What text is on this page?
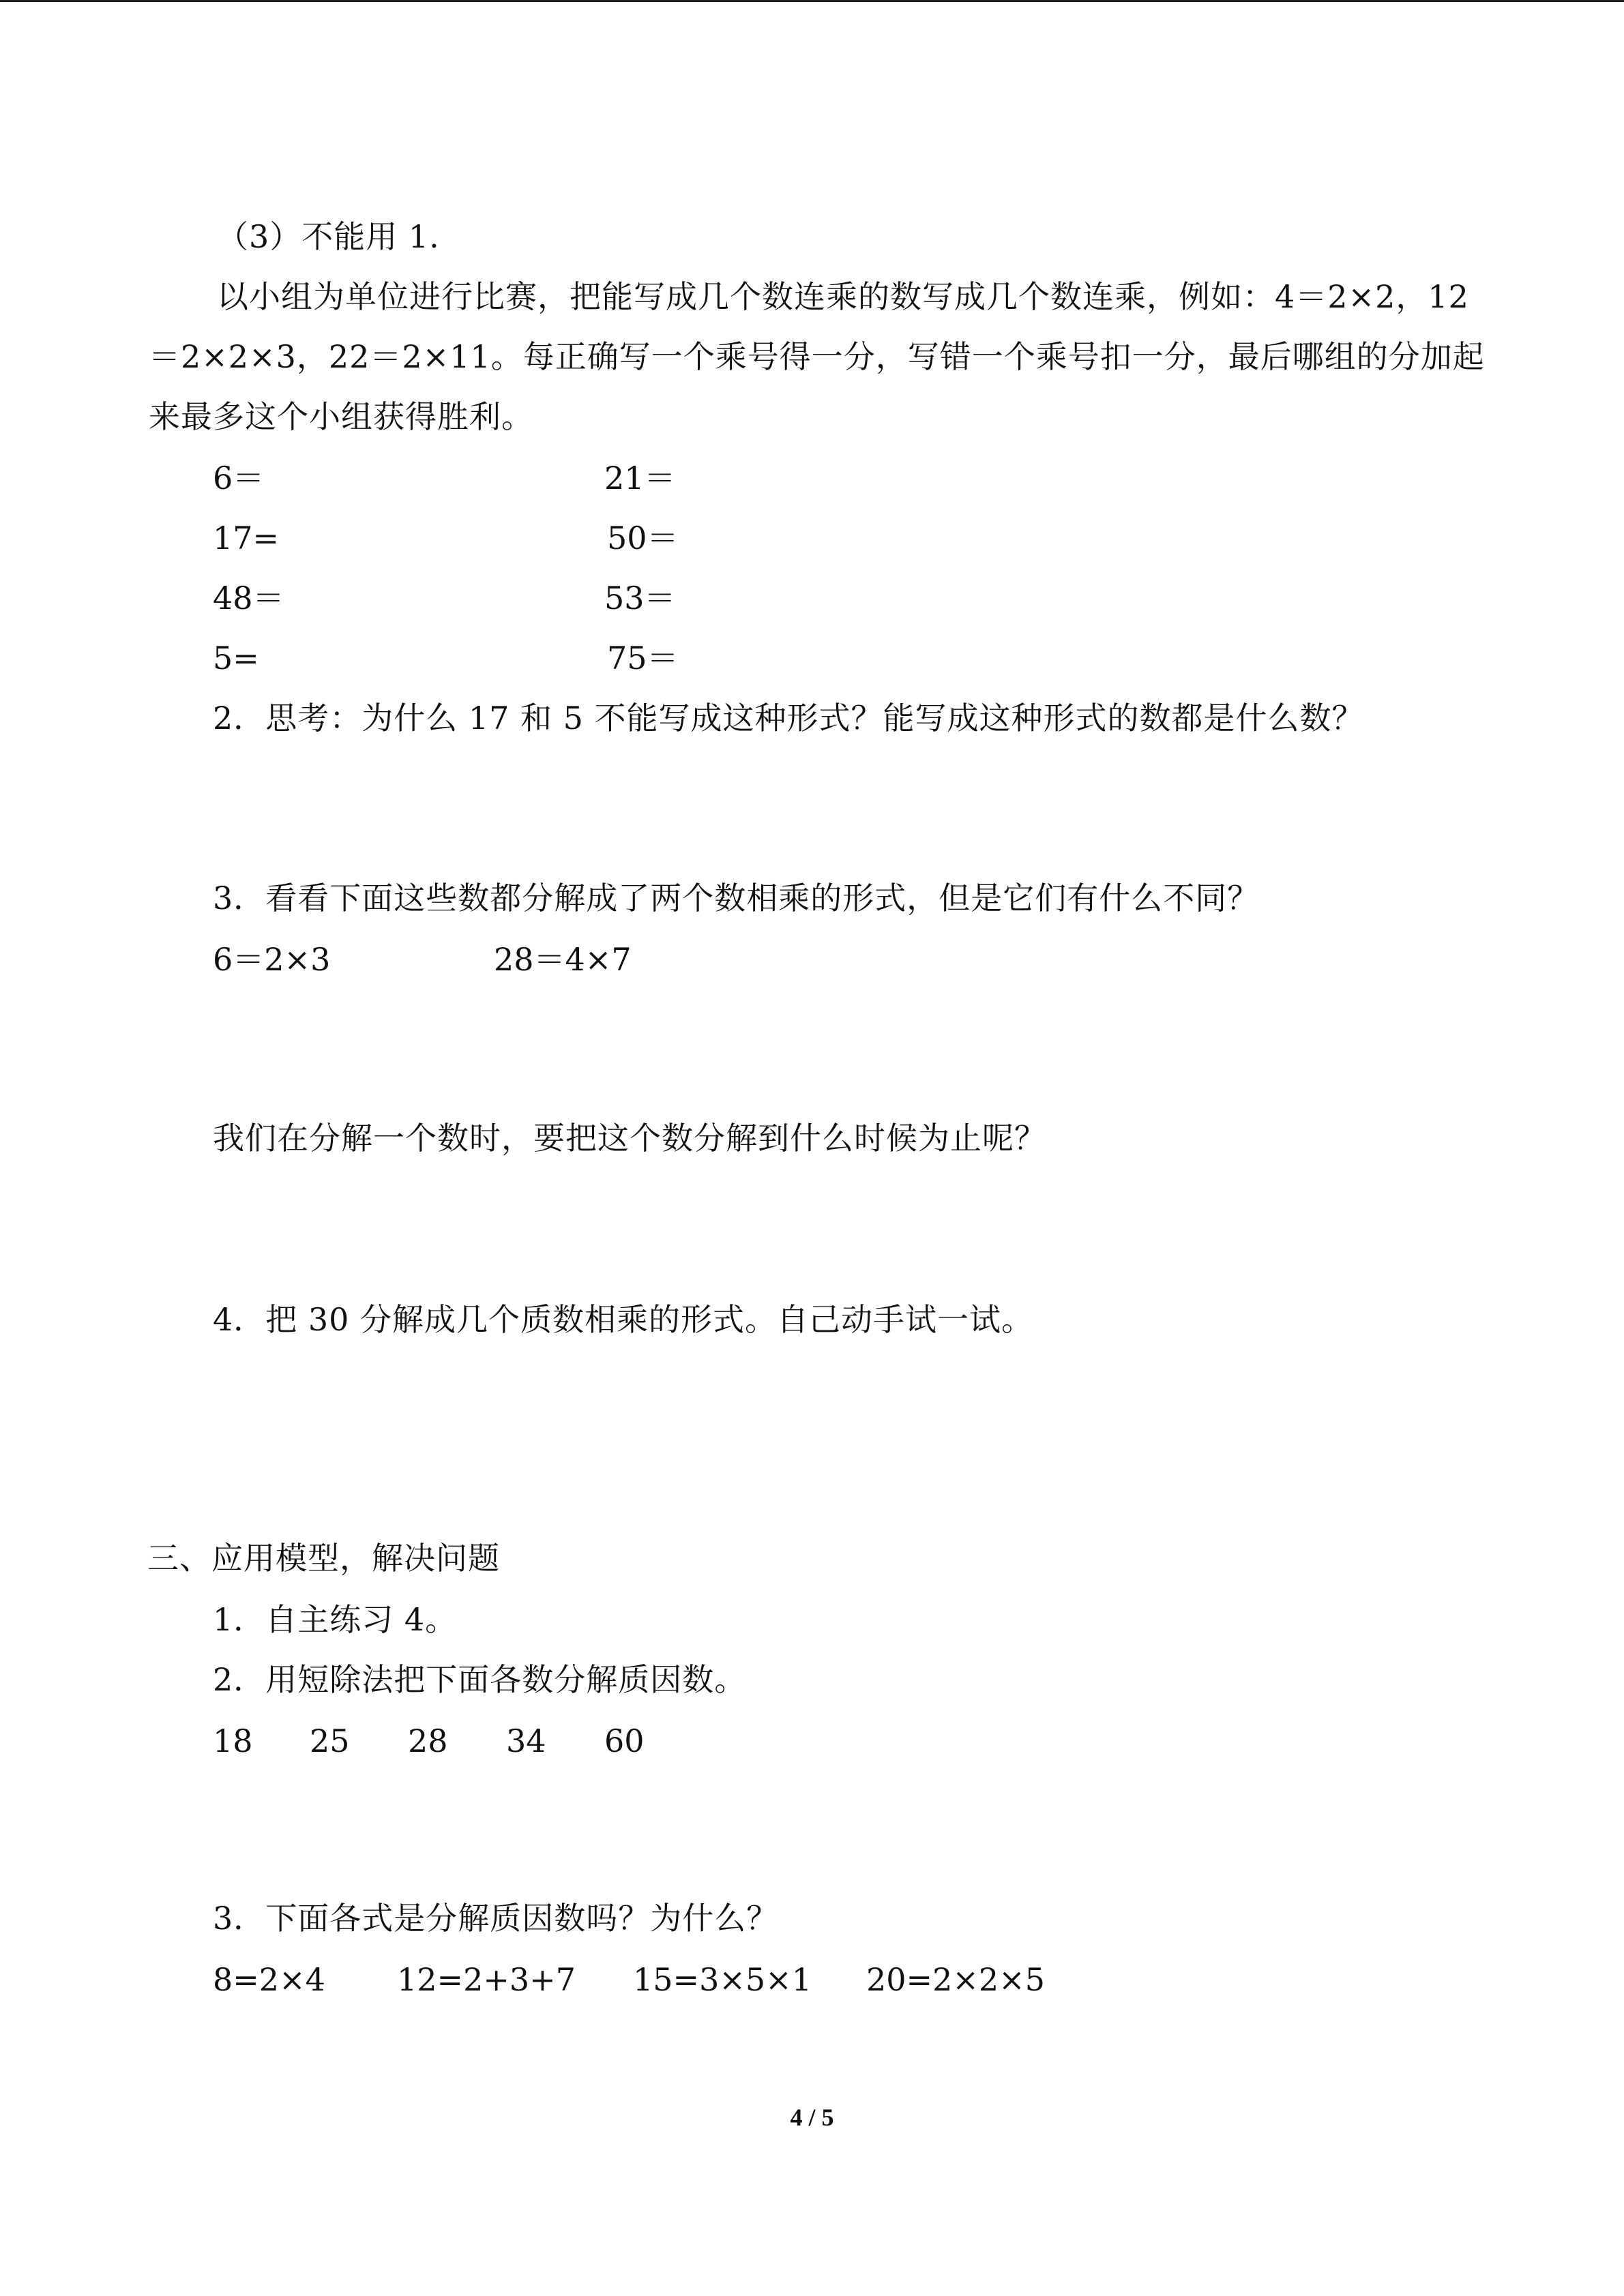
（3）不能用 1.
以小组为单位进行比赛，把能写成几个数连乘的数写成几个数连乘，例如：4＝2×2，12
＝2×2×3，22＝2×11。每正确写一个乘号得一分，写错一个乘号扣一分，最后哪组的分加起
来最多这个小组获得胜利。
6＝	21＝
17=	50＝
48＝	53＝
5=	75＝
2．思考：为什么 17 和 5 不能写成这种形式？能写成这种形式的数都是什么数？
3．看看下面这些数都分解成了两个数相乘的形式，但是它们有什么不同？
6＝2×3	28＝4×7
我们在分解一个数时，要把这个数分解到什么时候为止呢？
4．把 30 分解成几个质数相乘的形式。自己动手试一试。
三、应用模型，解决问题
1．自主练习 4。
2．用短除法把下面各数分解质因数。
18 25 28 34 60
3．下面各式是分解质因数吗？为什么？
8=2×4 12=2+3+7 15=3×5×1 20=2×2×5
4 / 5
